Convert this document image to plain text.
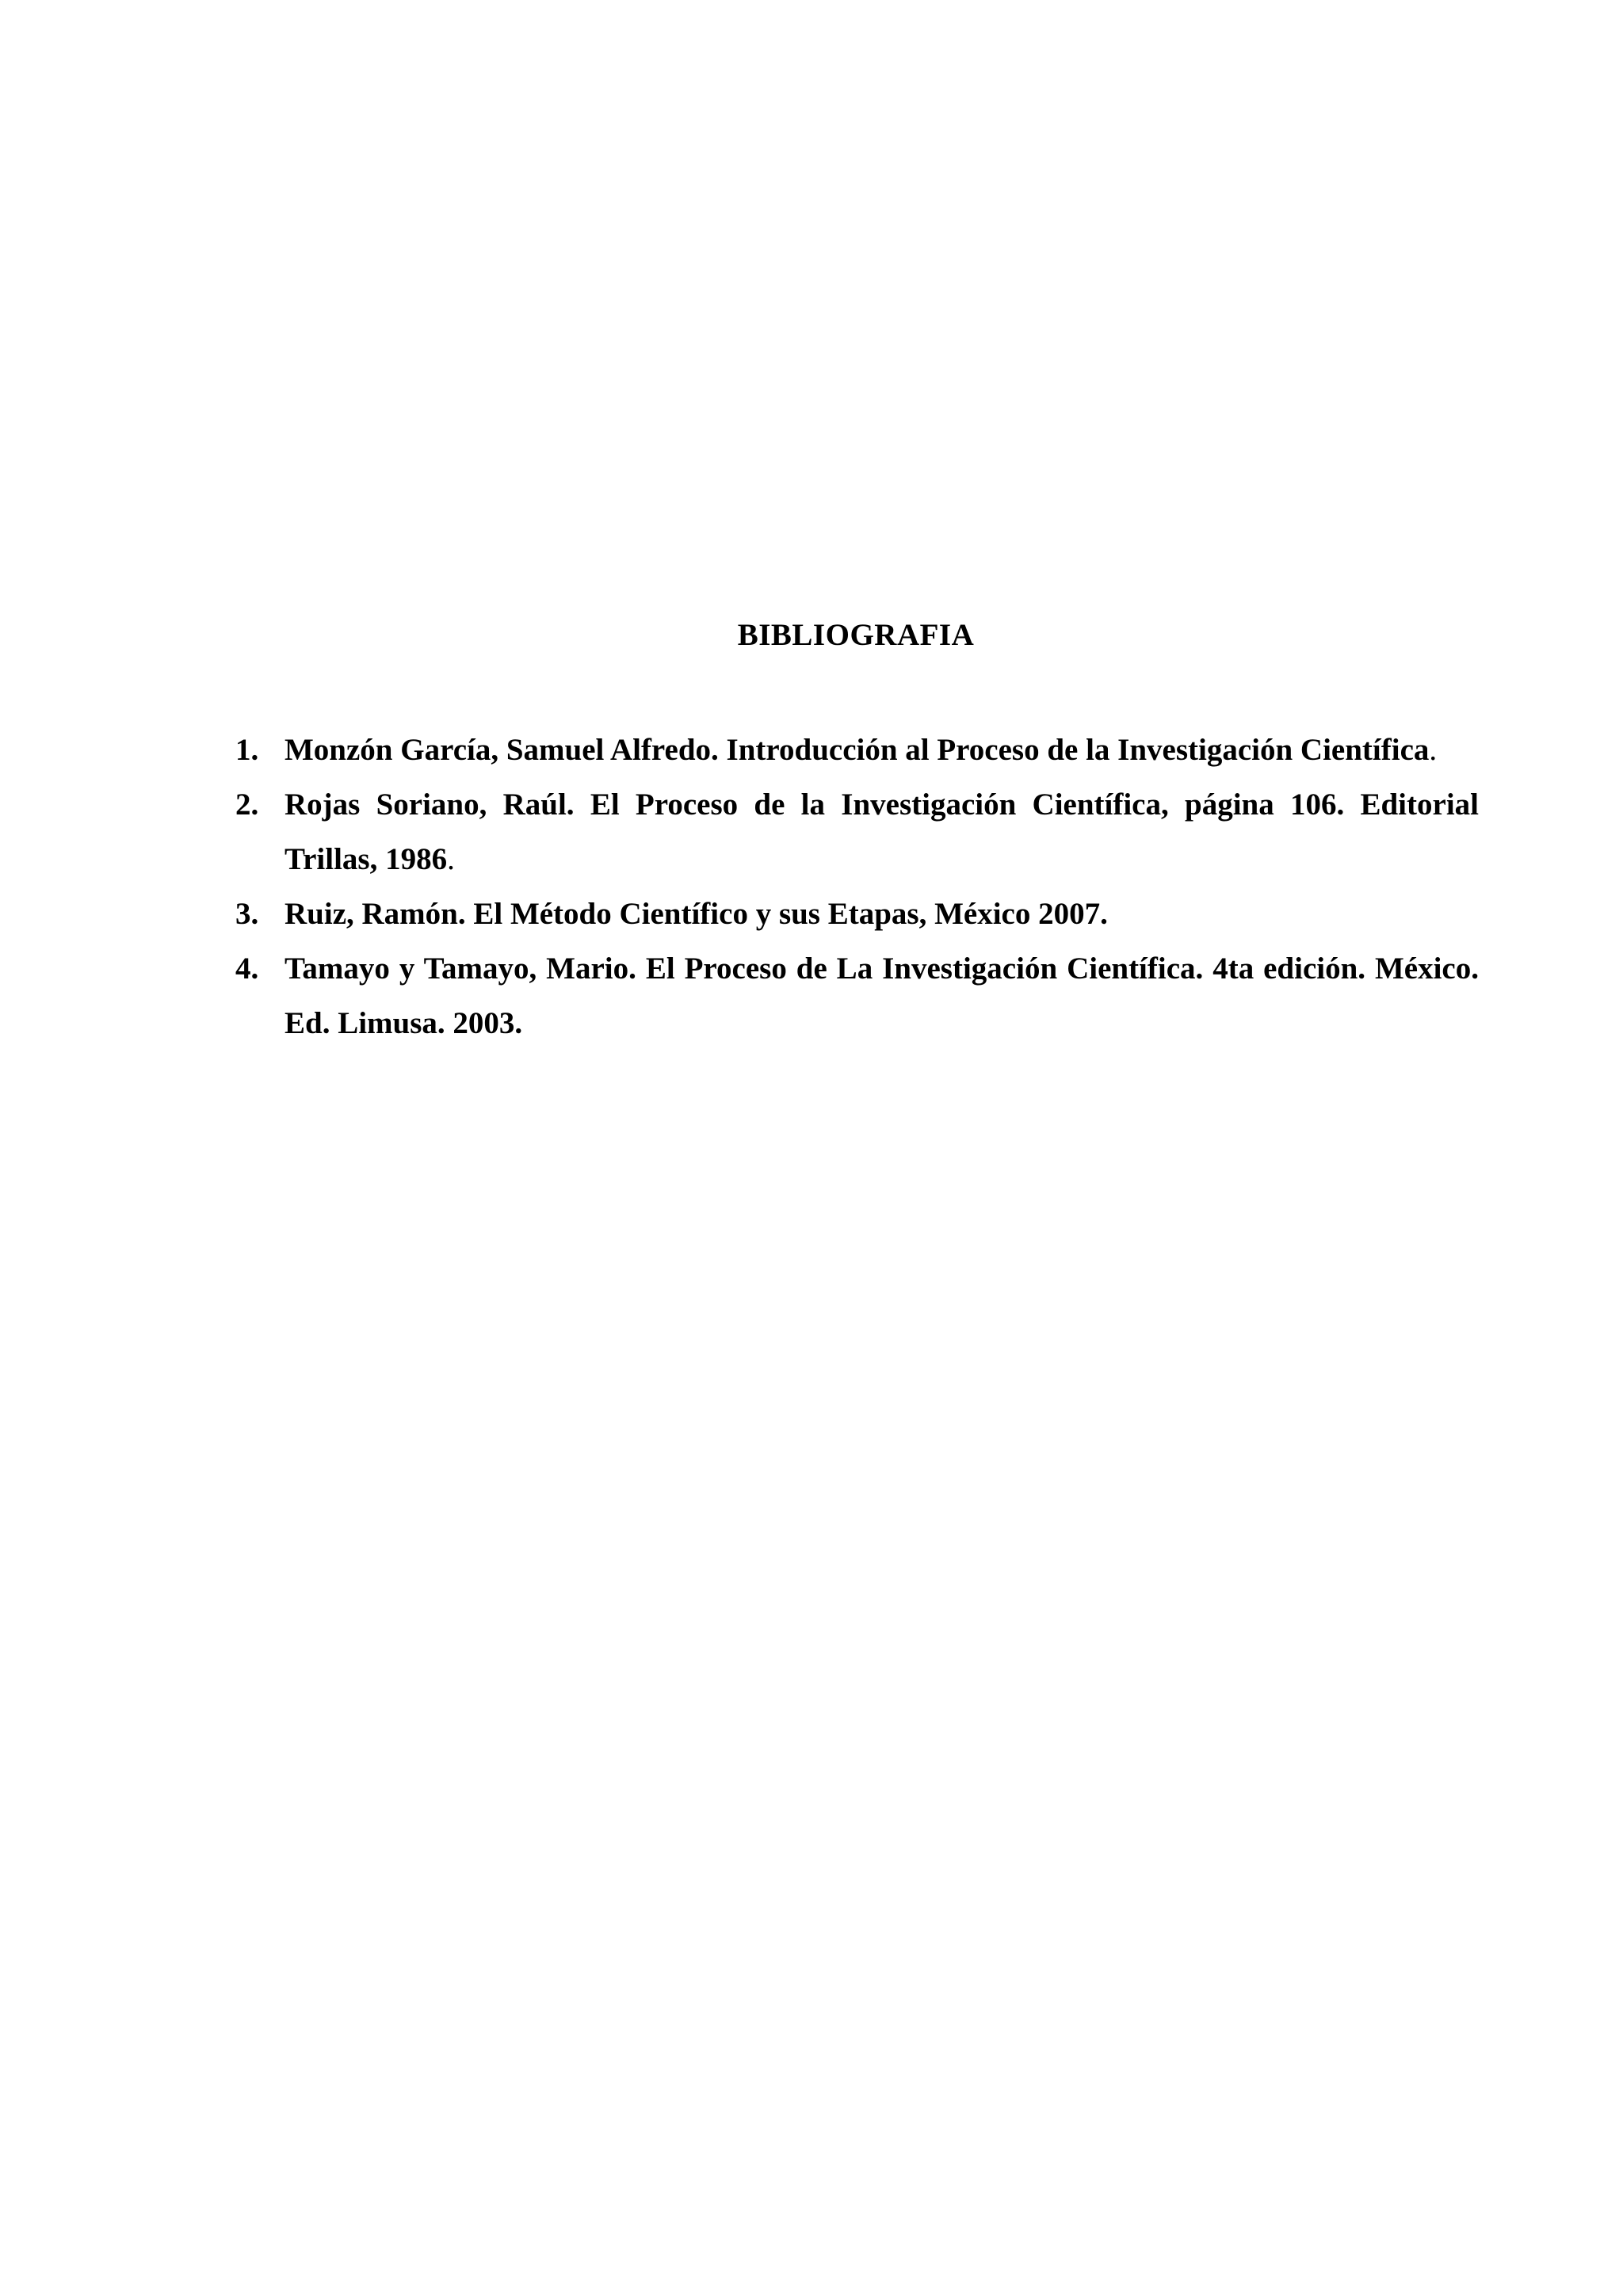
BIBLIOGRAFIA
1. Monzón García, Samuel Alfredo. Introducción al Proceso de la Investigación Científica.
2. Rojas Soriano, Raúl. El Proceso de la Investigación Científica, página 106. Editorial Trillas, 1986.
3. Ruiz, Ramón. El Método Científico y sus Etapas, México 2007.
4. Tamayo y Tamayo, Mario. El Proceso de La Investigación Científica. 4ta edición. México. Ed. Limusa. 2003.
